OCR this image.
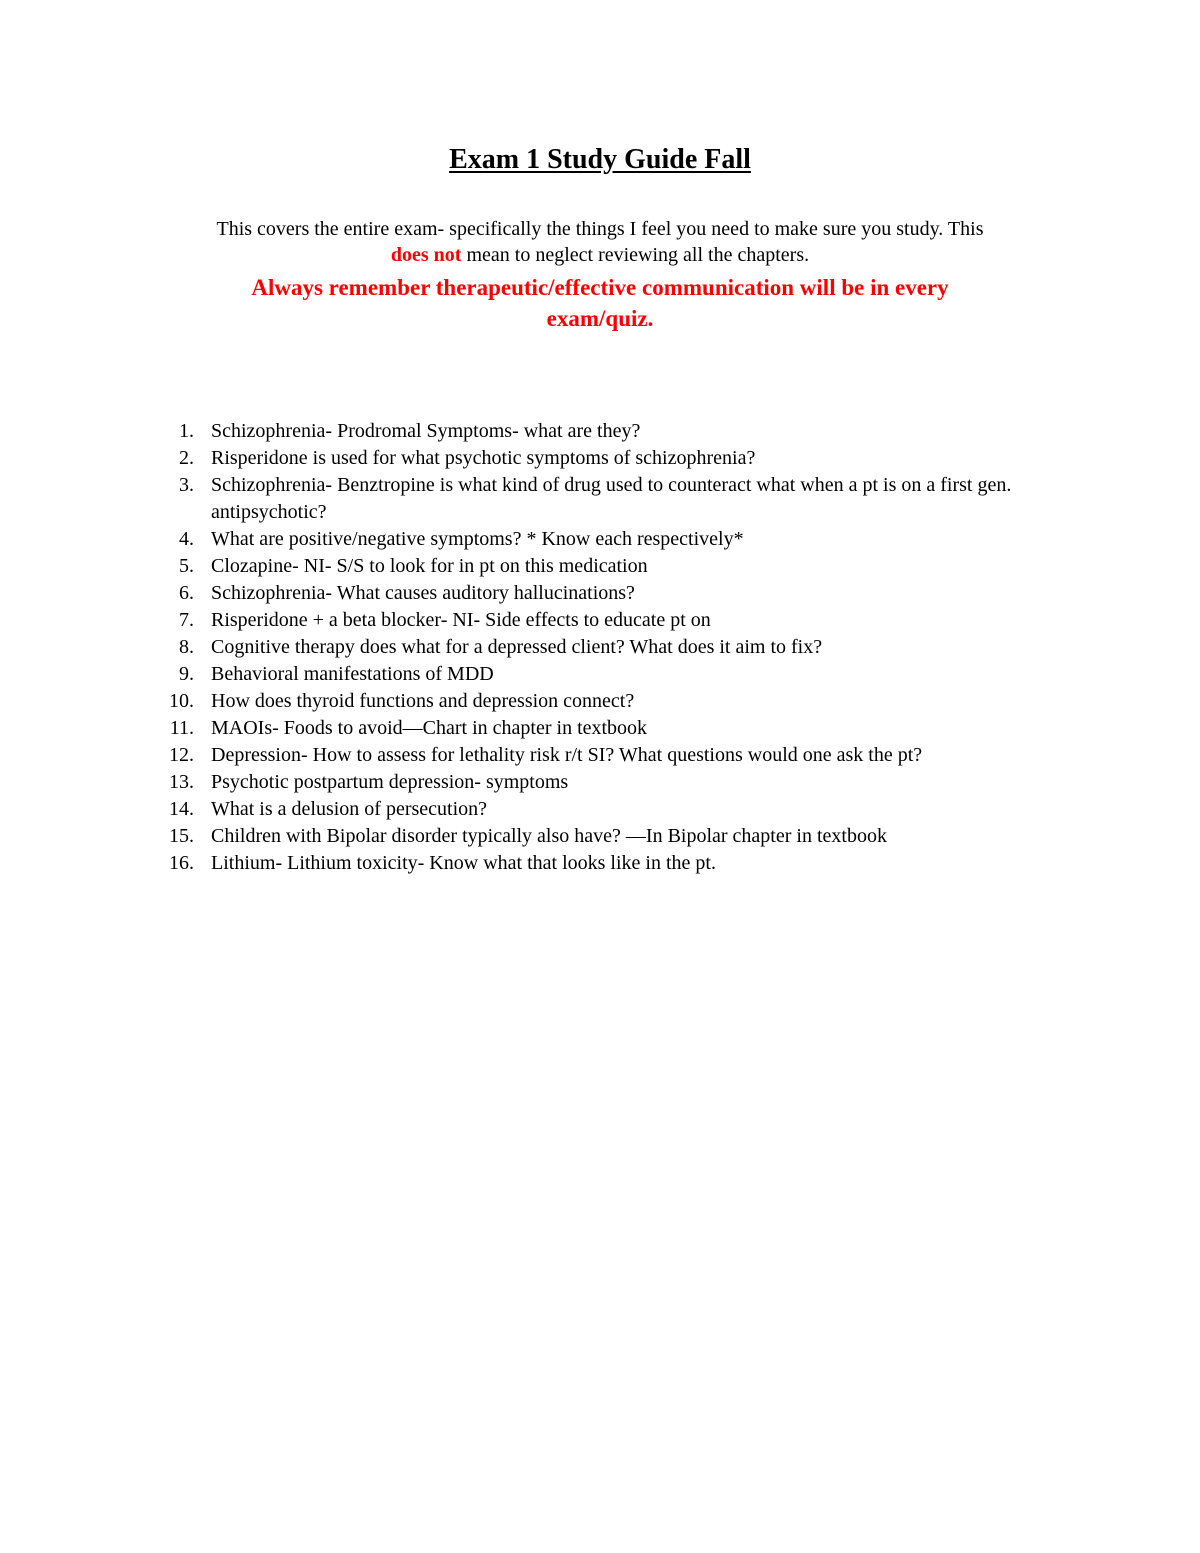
Exam 1 Study Guide Fall
This covers the entire exam- specifically the things I feel you need to make sure you study. This
does not mean to neglect reviewing all the chapters.
Always remember therapeutic/effective communication will be in every
exam/quiz.
1. Schizophrenia- Prodromal Symptoms- what are they?
2. Risperidone is used for what psychotic symptoms of schizophrenia?
3. Schizophrenia- Benztropine is what kind of drug used to counteract what when a pt is on a first gen. antipsychotic?
4. What are positive/negative symptoms? * Know each respectively*
5. Clozapine- NI- S/S to look for in pt on this medication
6. Schizophrenia- What causes auditory hallucinations?
7. Risperidone + a beta blocker- NI- Side effects to educate pt on
8. Cognitive therapy does what for a depressed client? What does it aim to fix?
9. Behavioral manifestations of MDD
10. How does thyroid functions and depression connect?
11. MAOIs- Foods to avoid—Chart in chapter in textbook
12. Depression- How to assess for lethality risk r/t SI? What questions would one ask the pt?
13. Psychotic postpartum depression- symptoms
14. What is a delusion of persecution?
15. Children with Bipolar disorder typically also have? —In Bipolar chapter in textbook
16. Lithium- Lithium toxicity- Know what that looks like in the pt.
